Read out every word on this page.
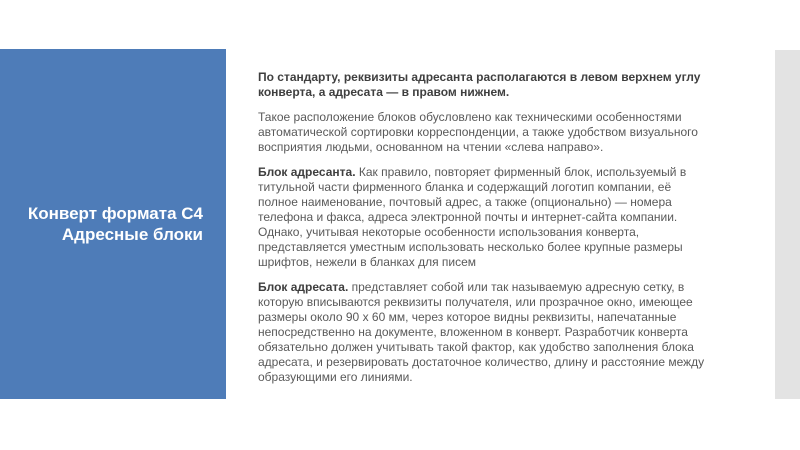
Конверт формата С4
Адресные блоки

По стандарту, реквизиты адресанта располагаются в левом верхнем углу конверта, а адресата — в правом нижнем.

Такое расположение блоков обусловлено как техническими особенностями автоматической сортировки корреспонденции, а также удобством визуального восприятия людьми, основанном на чтении «слева направо».

Блок адресанта. Как правило, повторяет фирменный блок, используемый в титульной части фирменного бланка и содержащий логотип компании, её полное наименование, почтовый адрес, а также (опционально) — номера телефона и факса, адреса электронной почты и интернет-сайта компании. Однако, учитывая некоторые особенности использования конверта, представляется уместным использовать несколько более крупные размеры шрифтов, нежели в бланках для писем

Блок адресата. представляет собой или так называемую адресную сетку, в которую вписываются реквизиты получателя, или прозрачное окно, имеющее размеры около 90 х 60 мм, через которое видны реквизиты, напечатанные непосредственно на документе, вложенном в конверт. Разработчик конверта обязательно должен учитывать такой фактор, как удобство заполнения блока адресата, и резервировать достаточное количество, длину и расстояние между образующими его линиями.
